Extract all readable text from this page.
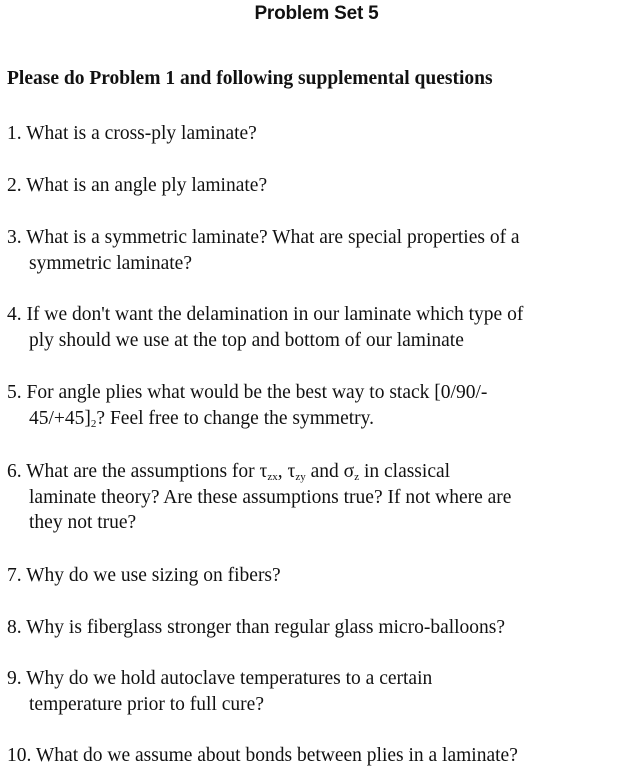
Problem Set 5
Please do Problem 1 and following supplemental questions
1. What is a cross-ply laminate?
2. What is an angle ply laminate?
3. What is a symmetric laminate? What are special properties of a
symmetric laminate?
4. If we don't want the delamination in our laminate which type of
ply should we use at the top and bottom of our laminate
5. For angle plies what would be the best way to stack [0/90/-
$45/+45]_2$? Feel free to change the symmetry.
6. What are the assumptions for $\tau_{zx}$, $\tau_{zy}$ and $\sigma_z$ in classical
laminate theory? Are these assumptions true? If not where are
they not true?
7. Why do we use sizing on fibers?
8. Why is fiberglass stronger than regular glass micro-balloons?
9. Why do we hold autoclave temperatures to a certain
temperature prior to full cure?
10. What do we assume about bonds between plies in a laminate?
